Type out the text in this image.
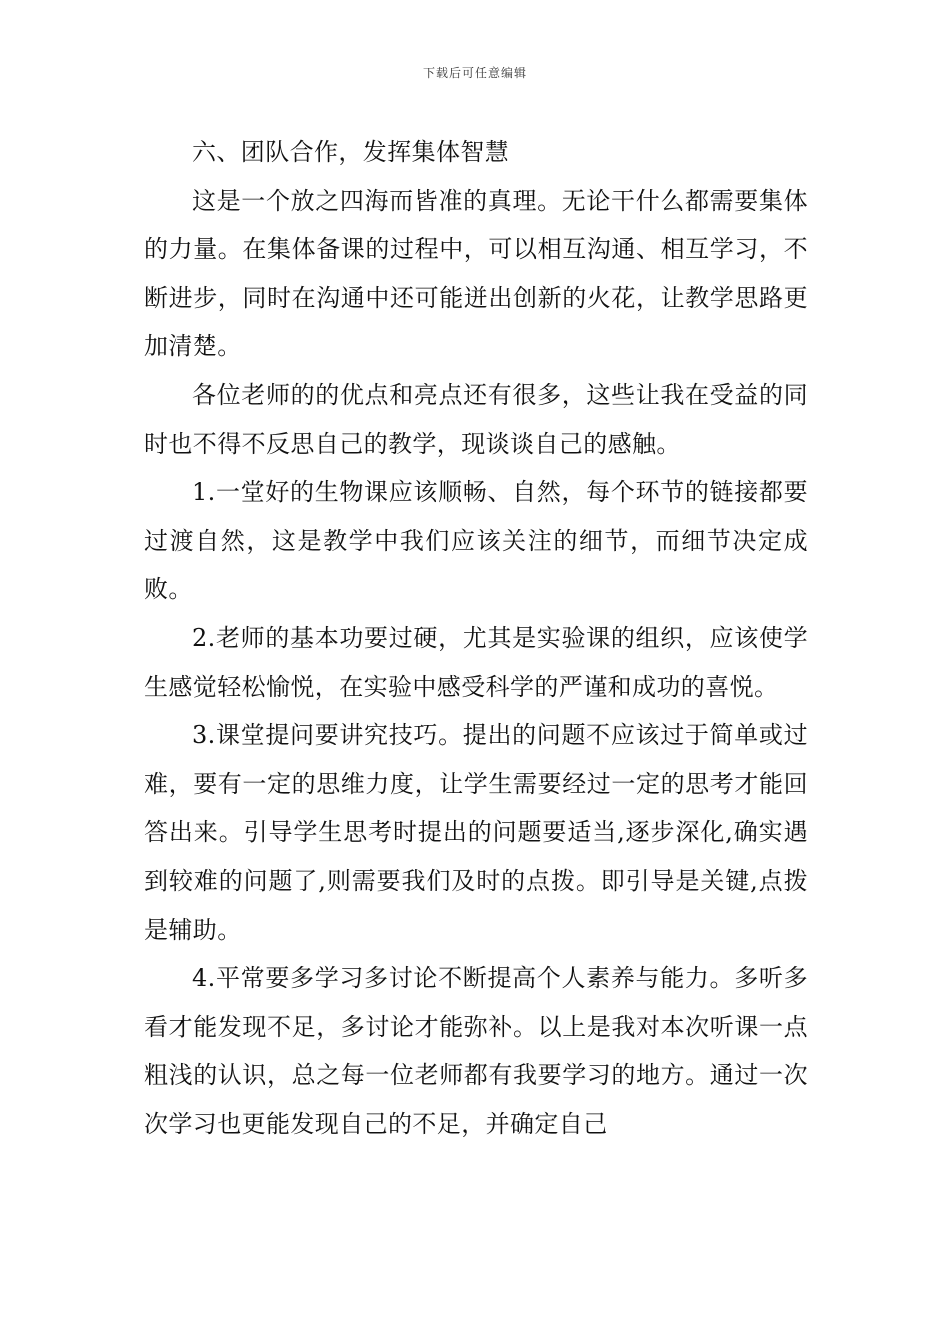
下载后可任意编辑

六、团队合作，发挥集体智慧

这是一个放之四海而皆准的真理。无论干什么都需要集体的力量。在集体备课的过程中，可以相互沟通、相互学习，不断进步，同时在沟通中还可能迸出创新的火花，让教学思路更加清楚。

各位老师的的优点和亮点还有很多，这些让我在受益的同时也不得不反思自己的教学，现谈谈自己的感触。

1.一堂好的生物课应该顺畅、自然，每个环节的链接都要过渡自然，这是教学中我们应该关注的细节，而细节决定成败。

2.老师的基本功要过硬，尤其是实验课的组织，应该使学生感觉轻松愉悦，在实验中感受科学的严谨和成功的喜悦。

3.课堂提问要讲究技巧。提出的问题不应该过于简单或过难，要有一定的思维力度，让学生需要经过一定的思考才能回答出来。引导学生思考时提出的问题要适当,逐步深化,确实遇到较难的问题了,则需要我们及时的点拨。即引导是关键,点拨是辅助。

4.平常要多学习多讨论不断提高个人素养与能力。多听多看才能发现不足，多讨论才能弥补。以上是我对本次听课一点粗浅的认识，总之每一位老师都有我要学习的地方。通过一次次学习也更能发现自己的不足，并确定自己
